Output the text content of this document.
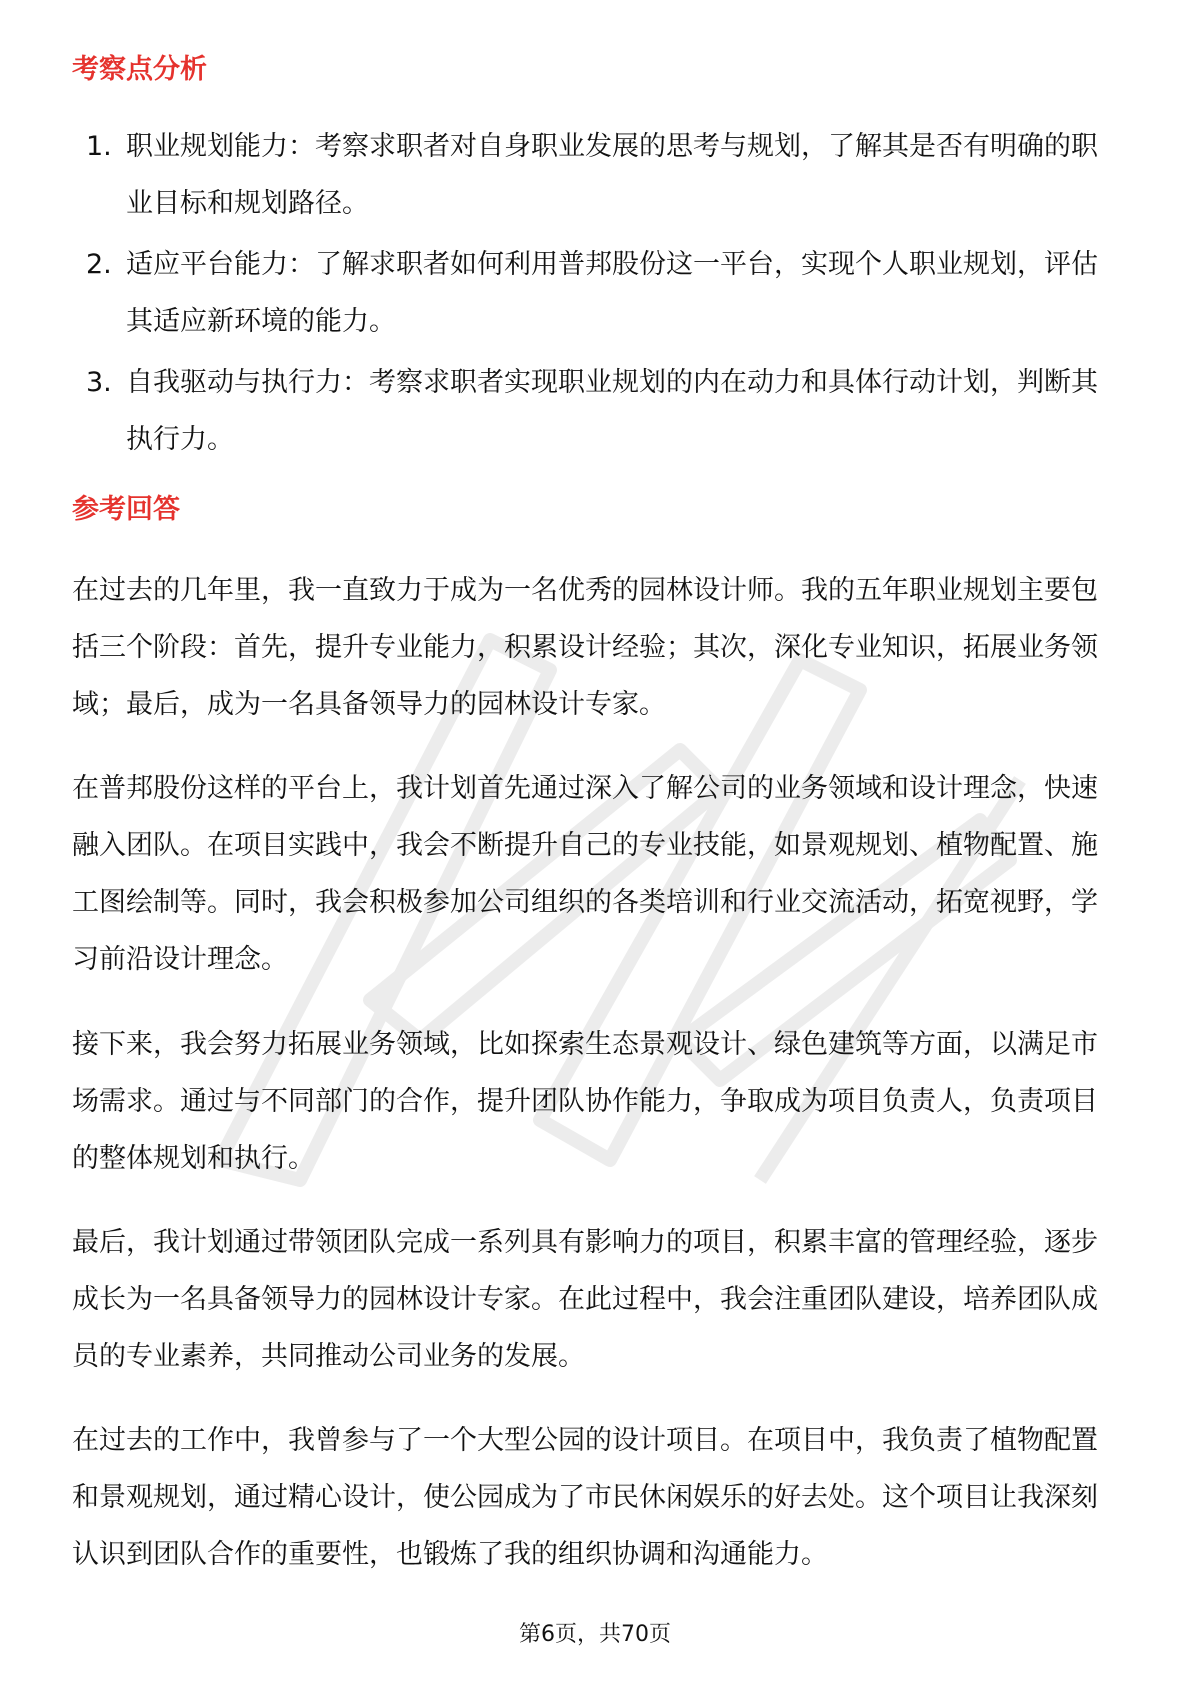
考察点分析
1. 职业规划能力：考察求职者对自身职业发展的思考与规划，了解其是否有明确的职业目标和规划路径。
2. 适应平台能力：了解求职者如何利用普邦股份这一平台，实现个人职业规划，评估其适应新环境的能力。
3. 自我驱动与执行力：考察求职者实现职业规划的内在动力和具体行动计划，判断其执行力。
参考回答

在过去的几年里，我一直致力于成为一名优秀的园林设计师。我的五年职业规划主要包括三个阶段：首先，提升专业能力，积累设计经验；其次，深化专业知识，拓展业务领域；最后，成为一名具备领导力的园林设计专家。

在普邦股份这样的平台上，我计划首先通过深入了解公司的业务领域和设计理念，快速融入团队。在项目实践中，我会不断提升自己的专业技能，如景观规划、植物配置、施工图绘制等。同时，我会积极参加公司组织的各类培训和行业交流活动，拓宽视野，学习前沿设计理念。

接下来，我会努力拓展业务领域，比如探索生态景观设计、绿色建筑等方面，以满足市场需求。通过与不同部门的合作，提升团队协作能力，争取成为项目负责人，负责项目的整体规划和执行。

最后，我计划通过带领团队完成一系列具有影响力的项目，积累丰富的管理经验，逐步成长为一名具备领导力的园林设计专家。在此过程中，我会注重团队建设，培养团队成员的专业素养，共同推动公司业务的发展。

在过去的工作中，我曾参与了一个大型公园的设计项目。在项目中，我负责了植物配置和景观规划，通过精心设计，使公园成为了市民休闲娱乐的好去处。这个项目让我深刻认识到团队合作的重要性，也锻炼了我的组织协调和沟通能力。

第6页，共70页
